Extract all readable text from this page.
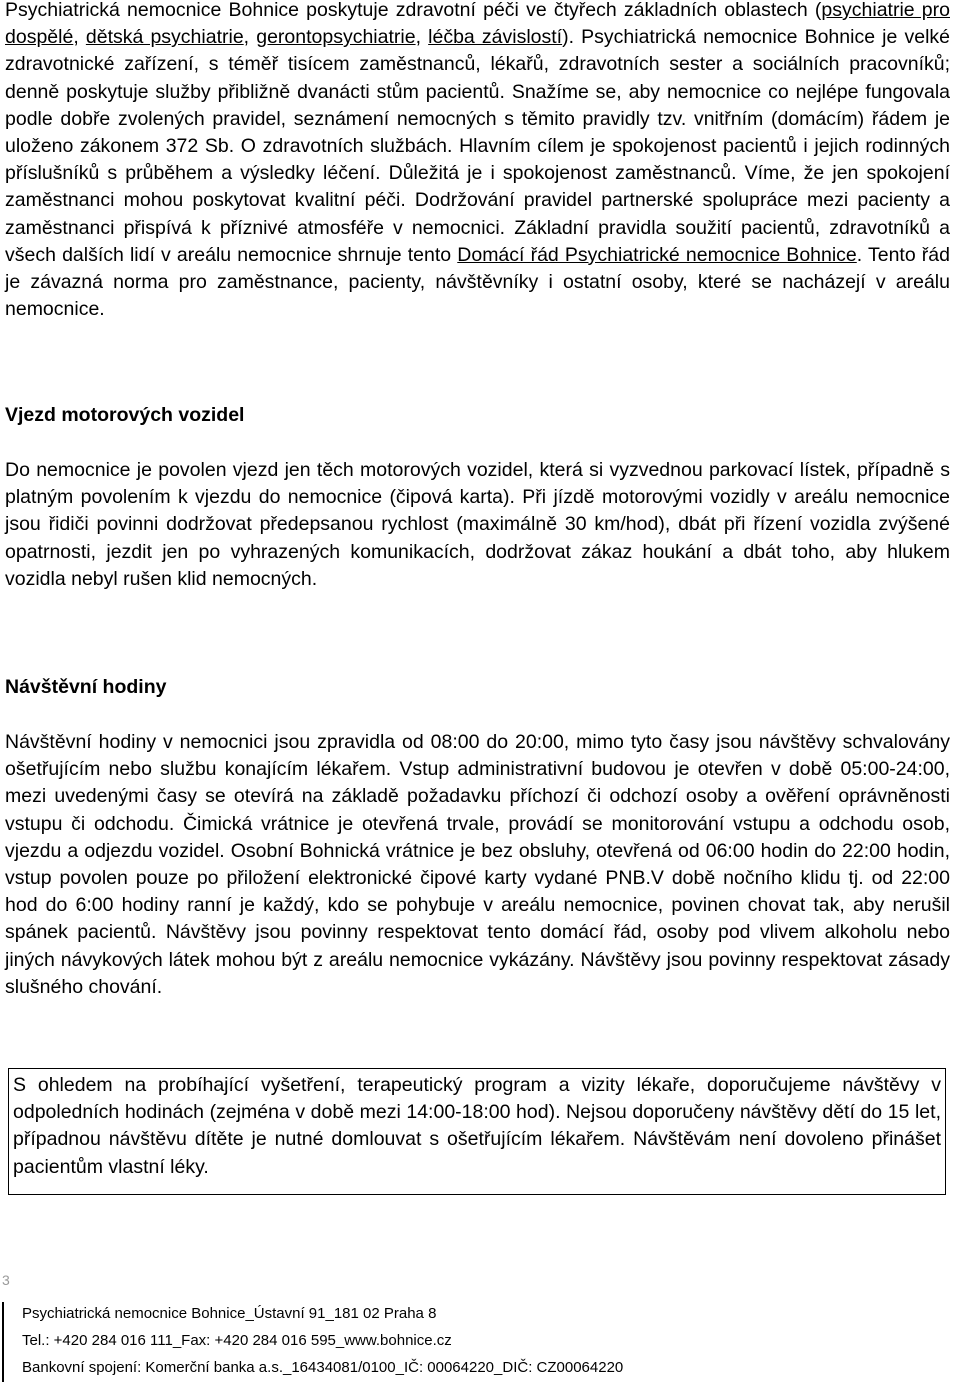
Psychiatrická nemocnice Bohnice poskytuje zdravotní péči ve čtyřech základních oblastech (psychiatrie pro dospělé, dětská psychiatrie, gerontopsychiatrie, léčba závislostí). Psychiatrická nemocnice Bohnice je velké zdravotnické zařízení, s téměř tisícem zaměstnanců, lékařů, zdravotních sester a sociálních pracovníků; denně poskytuje služby přibližně dvanácti stům pacientů. Snažíme se, aby nemocnice co nejlépe fungovala podle dobře zvolených pravidel, seznámení nemocných s těmito pravidly tzv. vnitřním (domácím) řádem je uloženo zákonem 372 Sb. O zdravotních službách. Hlavním cílem je spokojenost pacientů i jejich rodinných příslušníků s průběhem a výsledky léčení. Důležitá je i spokojenost zaměstnanců. Víme, že jen spokojení zaměstnanci mohou poskytovat kvalitní péči. Dodržování pravidel partnerské spolupráce mezi pacienty a zaměstnanci přispívá k příznivé atmosféře v nemocnici. Základní pravidla soužití pacientů, zdravotníků a všech dalších lidí v areálu nemocnice shrnuje tento Domácí řád Psychiatrické nemocnice Bohnice. Tento řád je závazná norma pro zaměstnance, pacienty, návštěvníky i ostatní osoby, které se nacházejí v areálu nemocnice.

Vjezd motorových vozidel

Do nemocnice je povolen vjezd jen těch motorových vozidel, která si vyzvednou parkovací lístek, případně s platným povolením k vjezdu do nemocnice (čipová karta). Při jízdě motorovými vozidly v areálu nemocnice jsou řidiči povinni dodržovat předepsanou rychlost (maximálně 30 km/hod), dbát při řízení vozidla zvýšené opatrnosti, jezdit jen po vyhrazených komunikacích, dodržovat zákaz houkání a dbát toho, aby hlukem vozidla nebyl rušen klid nemocných.

Návštěvní hodiny

Návštěvní hodiny v nemocnici jsou zpravidla od 08:00 do 20:00, mimo tyto časy jsou návštěvy schvalovány ošetřujícím nebo službu konajícím lékařem. Vstup administrativní budovou je otevřen v době 05:00-24:00, mezi uvedenými časy se otevírá na základě požadavku příchozí či odchozí osoby a ověření oprávněnosti vstupu či odchodu. Čimická vrátnice je otevřená trvale, provádí se monitorování vstupu a odchodu osob, vjezdu a odjezdu vozidel. Osobní Bohnická vrátnice je bez obsluhy, otevřená od 06:00 hodin do 22:00 hodin, vstup povolen pouze po přiložení elektronické čipové karty vydané PNB.V době nočního klidu tj. od 22:00 hod do 6:00 hodiny ranní je každý, kdo se pohybuje v areálu nemocnice, povinen chovat tak, aby nerušil spánek pacientů. Návštěvy jsou povinny respektovat tento domácí řád, osoby pod vlivem alkoholu nebo jiných návykových látek mohou být z areálu nemocnice vykázány. Návštěvy jsou povinny respektovat zásady slušného chování.

S ohledem na probíhající vyšetření, terapeutický program a vizity lékaře, doporučujeme návštěvy v odpoledních hodinách (zejména v době mezi 14:00-18:00 hod). Nejsou doporučeny návštěvy dětí do 15 let, případnou návštěvu dítěte je nutné domlouvat s ošetřujícím lékařem. Návštěvám není dovoleno přinášet pacientům vlastní léky.

3
Psychiatrická nemocnice Bohnice_Ústavní 91_181 02 Praha 8
Tel.: +420 284 016 111_Fax: +420 284 016 595_www.bohnice.cz
Bankovní spojení: Komerční banka a.s._16434081/0100_IČ: 00064220_DIČ: CZ00064220
